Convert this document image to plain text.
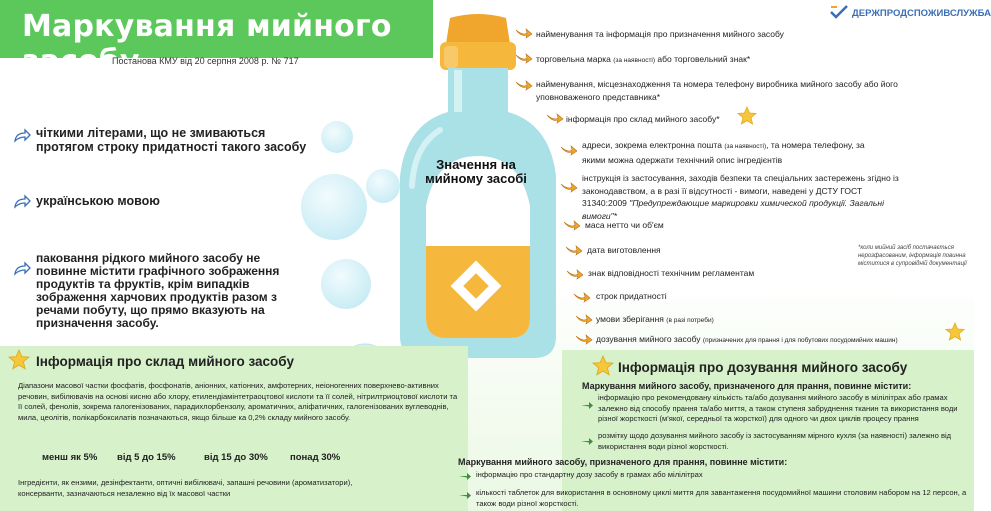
Маркування мийного засобу
Постанова КМУ від 20 серпня 2008 р. № 717
ДЕРЖПРОДСПОЖИВСЛУЖБА
Значення на мийному засобі
чіткими літерами, що не змиваються протягом строку придатності такого засобу
українською мовою
паковання рідкого мийного засобу не повинне містити графічного зображення продуктів та фруктів, крім випадків зображення харчових продуктів разом з речами побуту, що прямо вказують на призначення засобу.
найменування та інформація про призначення мийного засобу
торговельна марка (за наявності) або торговельний знак*
найменування, місцезнаходження та номера телефону виробника мийного засобу або його уповноваженого представника*
інформація про склад мийного засобу*
адреси, зокрема електронна пошта (за наявності), та номера телефону, за якими можна одержати технічний опис інгредієнтів
інструкція із застосування, заходів безпеки та спеціальних застережень згідно із законодавством, а в разі її відсутності - вимоги, наведені у ДСТУ ГОСТ 31340:2009 "Предупреждающие маркировки химической продукції. Загальні вимоги"*
маса нетто чи об'єм
дата виготовлення
знак відповідності технічним регламентам
строк придатності
умови зберігання (в разі потреби)
дозування мийного засобу (призначених для прання і для побутових посудомийних машин)
*коли мийний засіб постачається нерозфасованим, інформація повинна міститися в супровідній документації
Інформація про склад мийного засобу
Діапазони масової частки фосфатів, фосфонатів, аніонних, катіонних, амфотерних, неіоногенних поверхнево-активних речовин, вибілювачів на основі кисню або хлору, етилендіамінтетраоцтової кислоти та її солей, нітрилтриоцтової кислоти та її солей, фенолів, зокрема галогенізованих, парадихлорбензолу, ароматичних, аліфатичних, галогенізованих вуглеводнів, мила, цеолітів, полікарбоксилатів позначаються, якщо більше ка 0,2% складу мийного засобу.
менш як 5% від 5 до 15%	від 15 до 30% понад 30%
Інгредієнти, як ензими, дезінфектанти, оптичні вибілювачі, запашні речовини (ароматизатори), консерванти, зазначаються незалежно від їх масової частки
Інформація про дозування мийного засобу
Маркування мийного засобу, призначеного для прання, повинне містити:
інформацію про рекомендовану кількість та/або дозування мийного засобу в мілілітрах або грамах залежно від способу прання та/або миття, а також ступеня забруднення тканин та використання води різної жорсткості (м'якої, середньої та жорсткої) для одного чи двох циклів процесу прання
розмітку щодо дозування мийного засобу із застосуванням мірного кухля (за наявності) залежно від використання води різної жорсткості.
Маркування мийного засобу, призначеного для прання, повинне містити:
інформацію про стандартну дозу засобу в грамах або мілілітрах
кількості таблеток для використання в основному циклі миття для завантаження посудомийної машини столовим набором на 12 персон, а також води різної жорсткості.
